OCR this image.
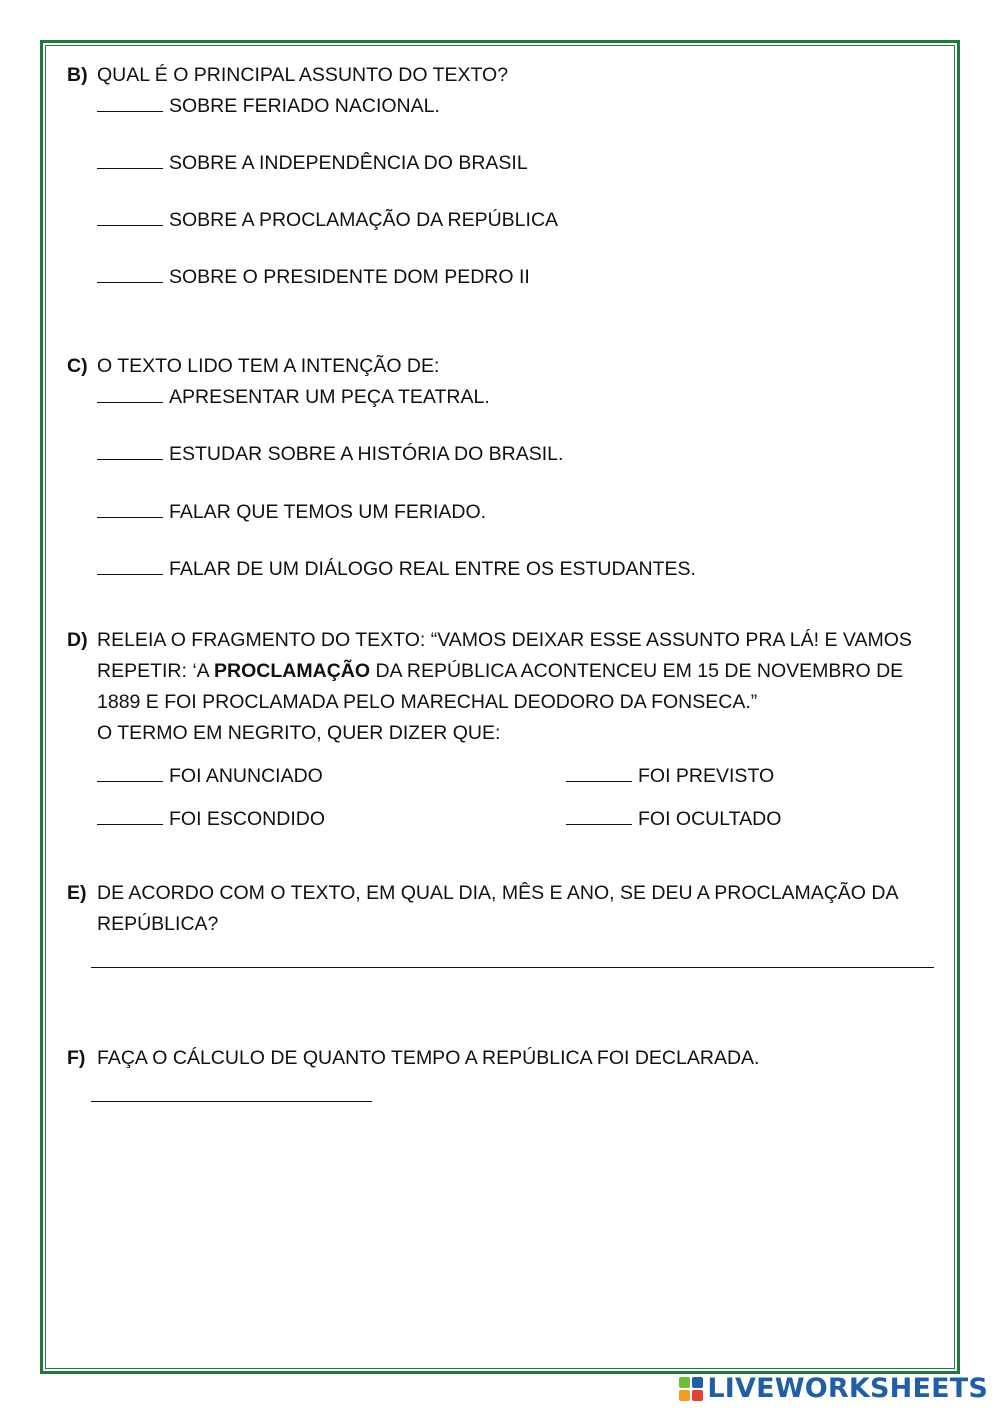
B) QUAL É O PRINCIPAL ASSUNTO DO TEXTO?
SOBRE FERIADO NACIONAL.
SOBRE A INDEPENDÊNCIA DO BRASIL
SOBRE A PROCLAMAÇÃO DA REPÚBLICA
SOBRE O PRESIDENTE DOM PEDRO II
C) O TEXTO LIDO TEM A INTENÇÃO DE:
APRESENTAR UM PEÇA TEATRAL.
ESTUDAR SOBRE A HISTÓRIA DO BRASIL.
FALAR QUE TEMOS UM FERIADO.
FALAR DE UM DIÁLOGO REAL ENTRE OS ESTUDANTES.
D) RELEIA O FRAGMENTO DO TEXTO: “VAMOS DEIXAR ESSE ASSUNTO PRA LÁ! E VAMOS
REPETIR: ‘A PROCLAMAÇÃO DA REPÚBLICA ACONTENCEU EM 15 DE NOVEMBRO DE
1889 E FOI PROCLAMADA PELO MARECHAL DEODORO DA FONSECA.”
O TERMO EM NEGRITO, QUER DIZER QUE:
FOI ANUNCIADO	FOI PREVISTO
FOI ESCONDIDO	FOI OCULTADO
E) DE ACORDO COM O TEXTO, EM QUAL DIA, MÊS E ANO, SE DEU A PROCLAMAÇÃO DA
REPÚBLICA?
F) FAÇA O CÁLCULO DE QUANTO TEMPO A REPÚBLICA FOI DECLARADA.
LIVEWORKSHEETS
